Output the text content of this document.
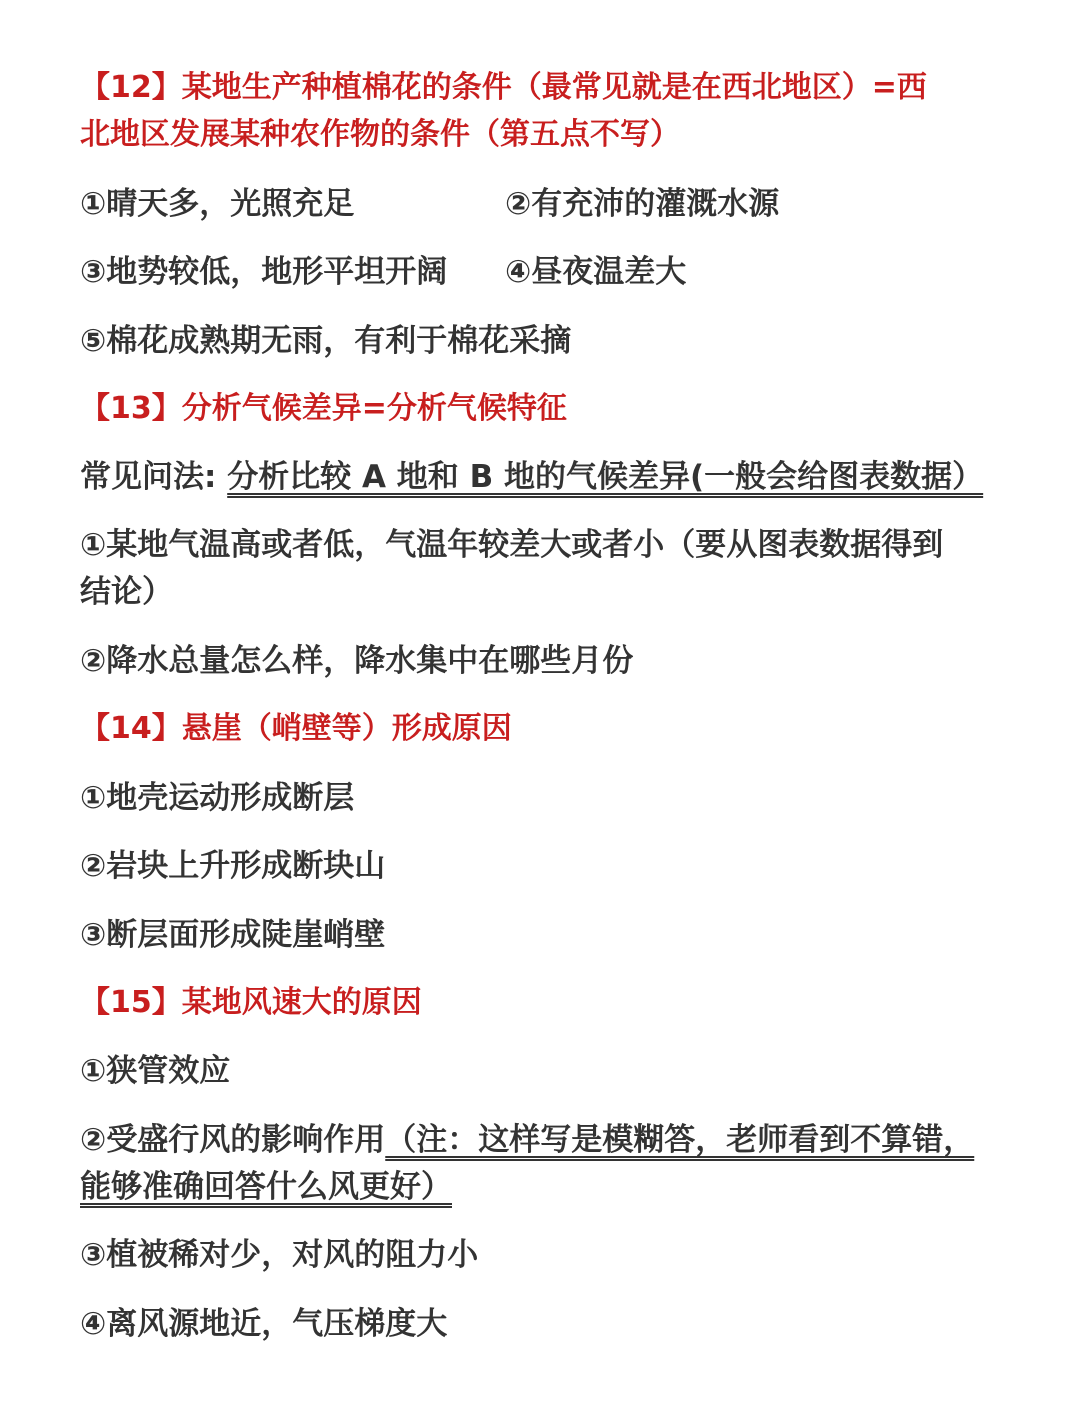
【12】某地生产种植棉花的条件（最常见就是在西北地区）=西
北地区发展某种农作物的条件（第五点不写）
①晴天多，光照充足	②有充沛的灌溉水源
③地势较低，地形平坦开阔 ④昼夜温差大
⑤棉花成熟期无雨，有利于棉花采摘
【13】分析气候差异=分析气候特征
常见问法: 分析比较 A 地和 B 地的气候差异(一般会给图表数据）
①某地气温高或者低，气温年较差大或者小（要从图表数据得到
结论）
②降水总量怎么样，降水集中在哪些月份
【14】悬崖（峭壁等）形成原因
①地壳运动形成断层
②岩块上升形成断块山
③断层面形成陡崖峭壁
【15】某地风速大的原因
①狭管效应
②受盛行风的影响作用（注：这样写是模糊答，老师看到不算错，
能够准确回答什么风更好）
③植被稀对少，对风的阻力小
④离风源地近，气压梯度大
